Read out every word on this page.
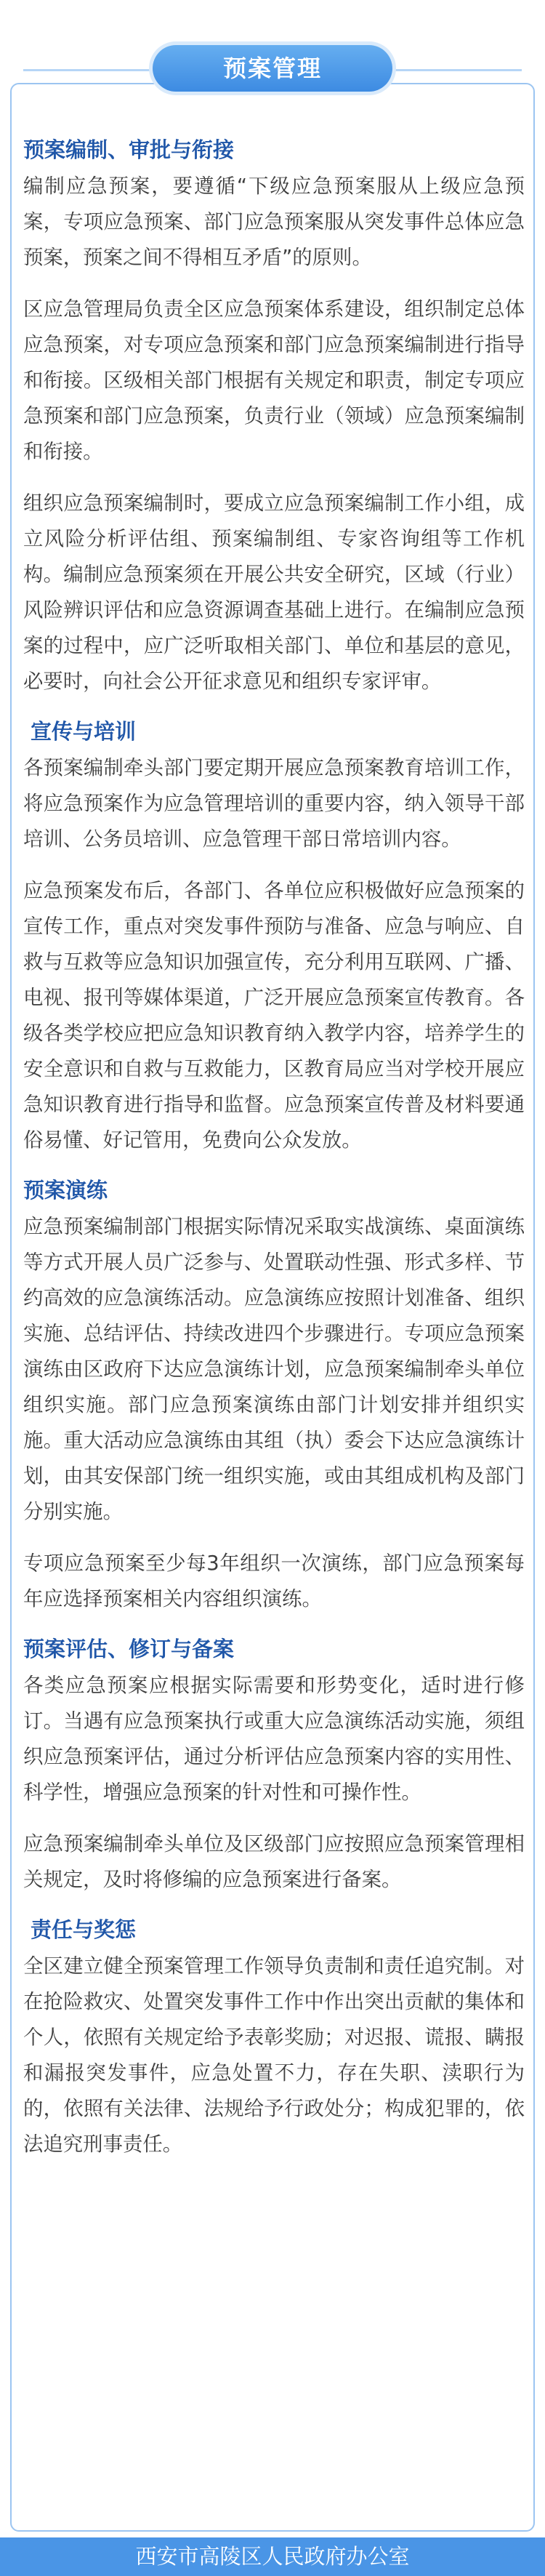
预案管理
预案编制、审批与衔接

编制应急预案，要遵循“下级应急预案服从上级应急预案，专项应急预案、部门应急预案服从突发事件总体应急预案，预案之间不得相互矛盾”的原则。

区应急管理局负责全区应急预案体系建设，组织制定总体应急预案，对专项应急预案和部门应急预案编制进行指导和衔接。区级相关部门根据有关规定和职责，制定专项应急预案和部门应急预案，负责行业（领域）应急预案编制和衔接。

组织应急预案编制时，要成立应急预案编制工作小组，成立风险分析评估组、预案编制组、专家咨询组等工作机构。编制应急预案须在开展公共安全研究，区域（行业）风险辨识评估和应急资源调查基础上进行。在编制应急预案的过程中，应广泛听取相关部门、单位和基层的意见，必要时，向社会公开征求意见和组织专家评审。

宣传与培训

各预案编制牵头部门要定期开展应急预案教育培训工作，将应急预案作为应急管理培训的重要内容，纳入领导干部培训、公务员培训、应急管理干部日常培训内容。

应急预案发布后，各部门、各单位应积极做好应急预案的宣传工作，重点对突发事件预防与准备、应急与响应、自救与互救等应急知识加强宣传，充分利用互联网、广播、电视、报刊等媒体渠道，广泛开展应急预案宣传教育。各级各类学校应把应急知识教育纳入教学内容，培养学生的安全意识和自救与互救能力，区教育局应当对学校开展应急知识教育进行指导和监督。应急预案宣传普及材料要通俗易懂、好记管用，免费向公众发放。

预案演练

应急预案编制部门根据实际情况采取实战演练、桌面演练等方式开展人员广泛参与、处置联动性强、形式多样、节约高效的应急演练活动。应急演练应按照计划准备、组织实施、总结评估、持续改进四个步骤进行。专项应急预案演练由区政府下达应急演练计划，应急预案编制牵头单位组织实施。部门应急预案演练由部门计划安排并组织实施。重大活动应急演练由其组（执）委会下达应急演练计划，由其安保部门统一组织实施，或由其组成机构及部门分别实施。

专项应急预案至少每3年组织一次演练，部门应急预案每年应选择预案相关内容组织演练。

预案评估、修订与备案

各类应急预案应根据实际需要和形势变化，适时进行修订。当遇有应急预案执行或重大应急演练活动实施，须组织应急预案评估，通过分析评估应急预案内容的实用性、科学性，增强应急预案的针对性和可操作性。

应急预案编制牵头单位及区级部门应按照应急预案管理相关规定，及时将修编的应急预案进行备案。

责任与奖惩

全区建立健全预案管理工作领导负责制和责任追究制。对在抢险救灾、处置突发事件工作中作出突出贡献的集体和个人，依照有关规定给予表彰奖励；对迟报、谎报、瞒报和漏报突发事件，应急处置不力，存在失职、渎职行为的，依照有关法律、法规给予行政处分；构成犯罪的，依法追究刑事责任。

西安市高陵区人民政府办公室
